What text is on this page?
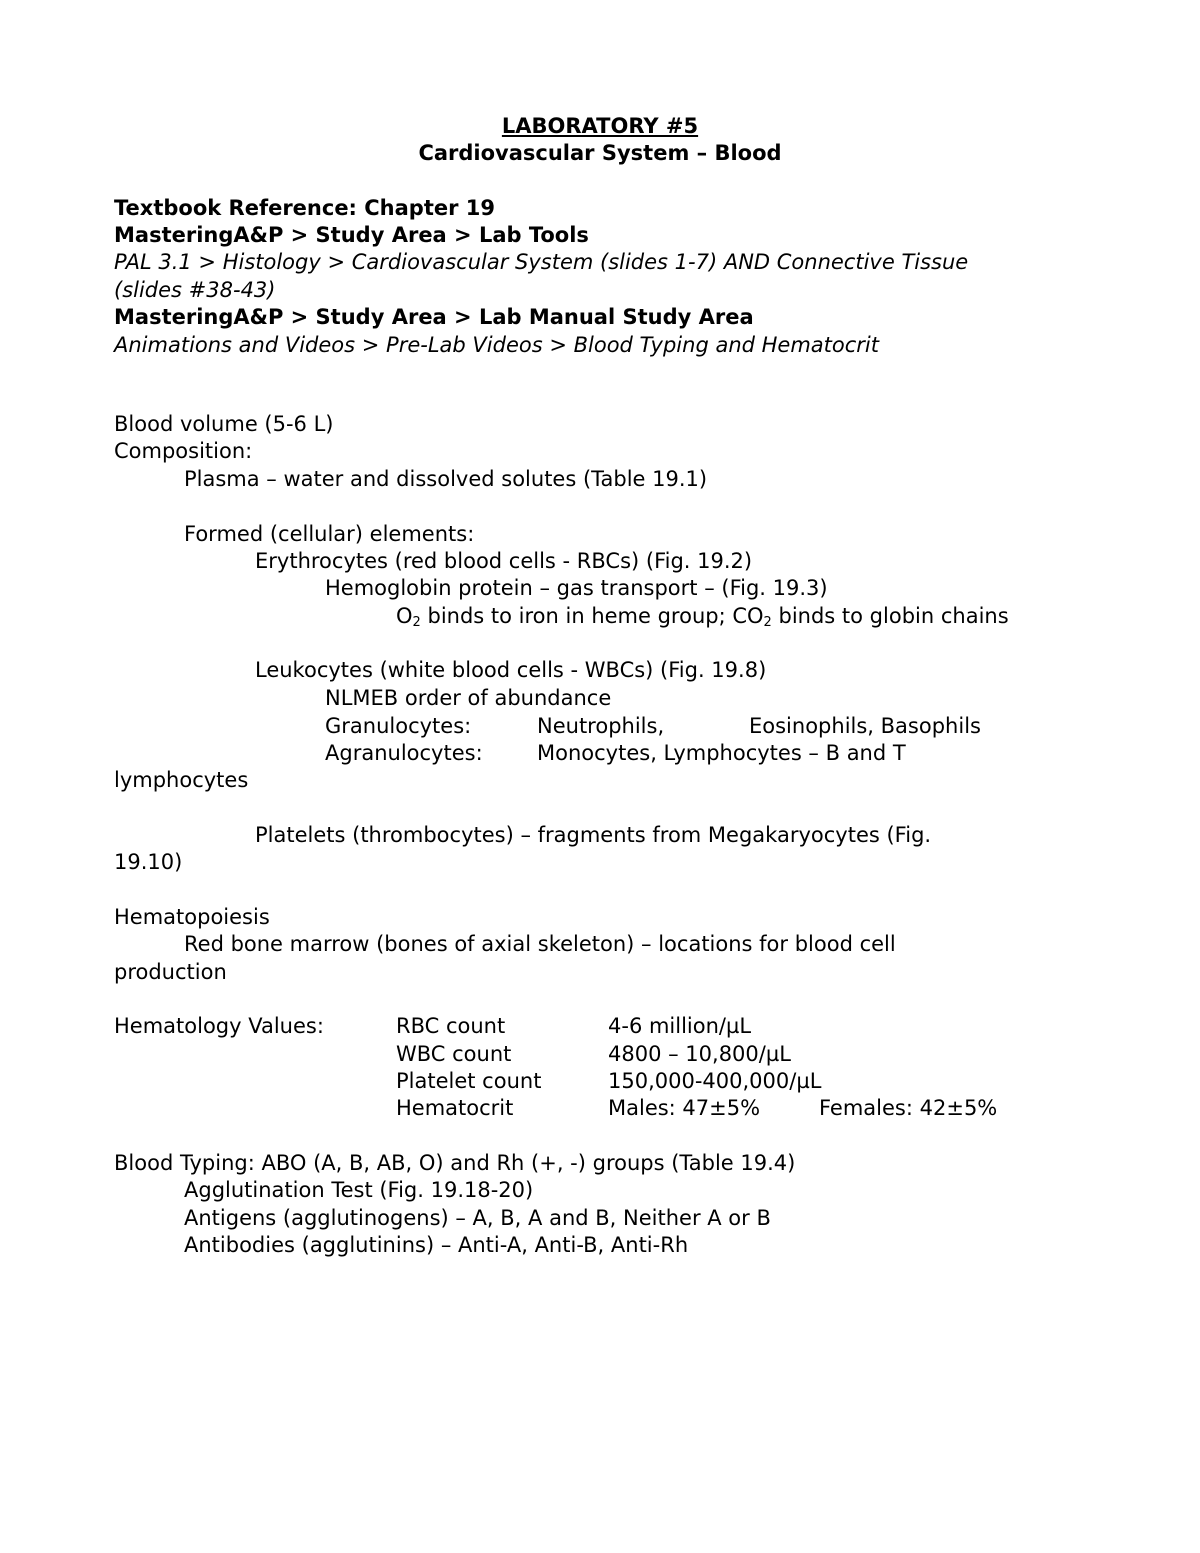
LABORATORY #5
Cardiovascular System – Blood
Textbook Reference: Chapter 19
MasteringA&P > Study Area > Lab Tools
PAL 3.1 > Histology > Cardiovascular System (slides 1-7) AND Connective Tissue
(slides #38-43)
MasteringA&P > Study Area > Lab Manual Study Area
Animations and Videos > Pre-Lab Videos > Blood Typing and Hematocrit
Blood volume (5-6 L)
Composition:
Plasma – water and dissolved solutes (Table 19.1)
Formed (cellular) elements:
Erythrocytes (red blood cells - RBCs) (Fig. 19.2)
Hemoglobin protein – gas transport – (Fig. 19.3)
$O_2$ binds to iron in heme group; $CO_2$ binds to globin chains
Leukocytes (white blood cells - WBCs) (Fig. 19.8)
NLMEB order of abundance
Granulocytes:	Neutrophils,	Eosinophils, Basophils
Agranulocytes:	Monocytes, Lymphocytes – B and T
lymphocytes
Platelets (thrombocytes) – fragments from Megakaryocytes (Fig.
19.10)
Hematopoiesis
Red bone marrow (bones of axial skeleton) – locations for blood cell
production
Hematology Values:	RBC count	4-6 million/µL
WBC count	4800 – 10,800/µL
Platelet count	150,000-400,000/µL
Hematocrit	Males: 47±5%	Females: 42±5%
Blood Typing: ABO (A, B, AB, O) and Rh (+, -) groups (Table 19.4)
Agglutination Test (Fig. 19.18-20)
Antigens (agglutinogens) – A, B, A and B, Neither A or B
Antibodies (agglutinins) – Anti-A, Anti-B, Anti-Rh
